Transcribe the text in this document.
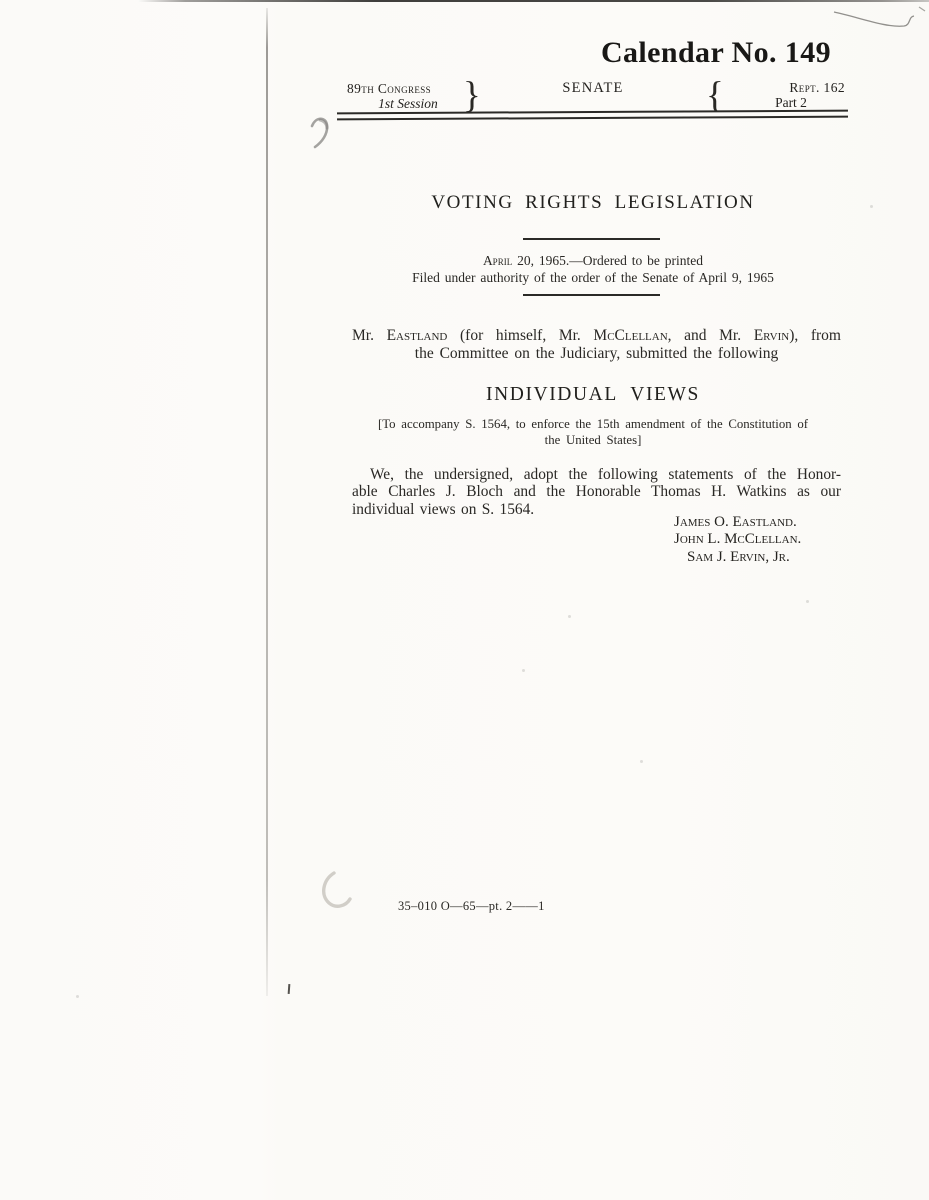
Calendar No. 149
89th Congress
1st Session }	SENATE	{	Rept. 162
Part 2
VOTING RIGHTS LEGISLATION
April 20, 1965.—Ordered to be printed
Filed under authority of the order of the Senate of April 9, 1965
Mr. Eastland (for himself, Mr. McClellan, and Mr. Ervin), from
the Committee on the Judiciary, submitted the following
INDIVIDUAL VIEWS
[To accompany S. 1564, to enforce the 15th amendment of the Constitution of
the United States]
We, the undersigned, adopt the following statements of the Honor-
able Charles J. Bloch and the Honorable Thomas H. Watkins as our
individual views on S. 1564.
James O. Eastland.
John L. McClellan.
Sam J. Ervin, Jr.
35–010 O—65—pt. 2——1
